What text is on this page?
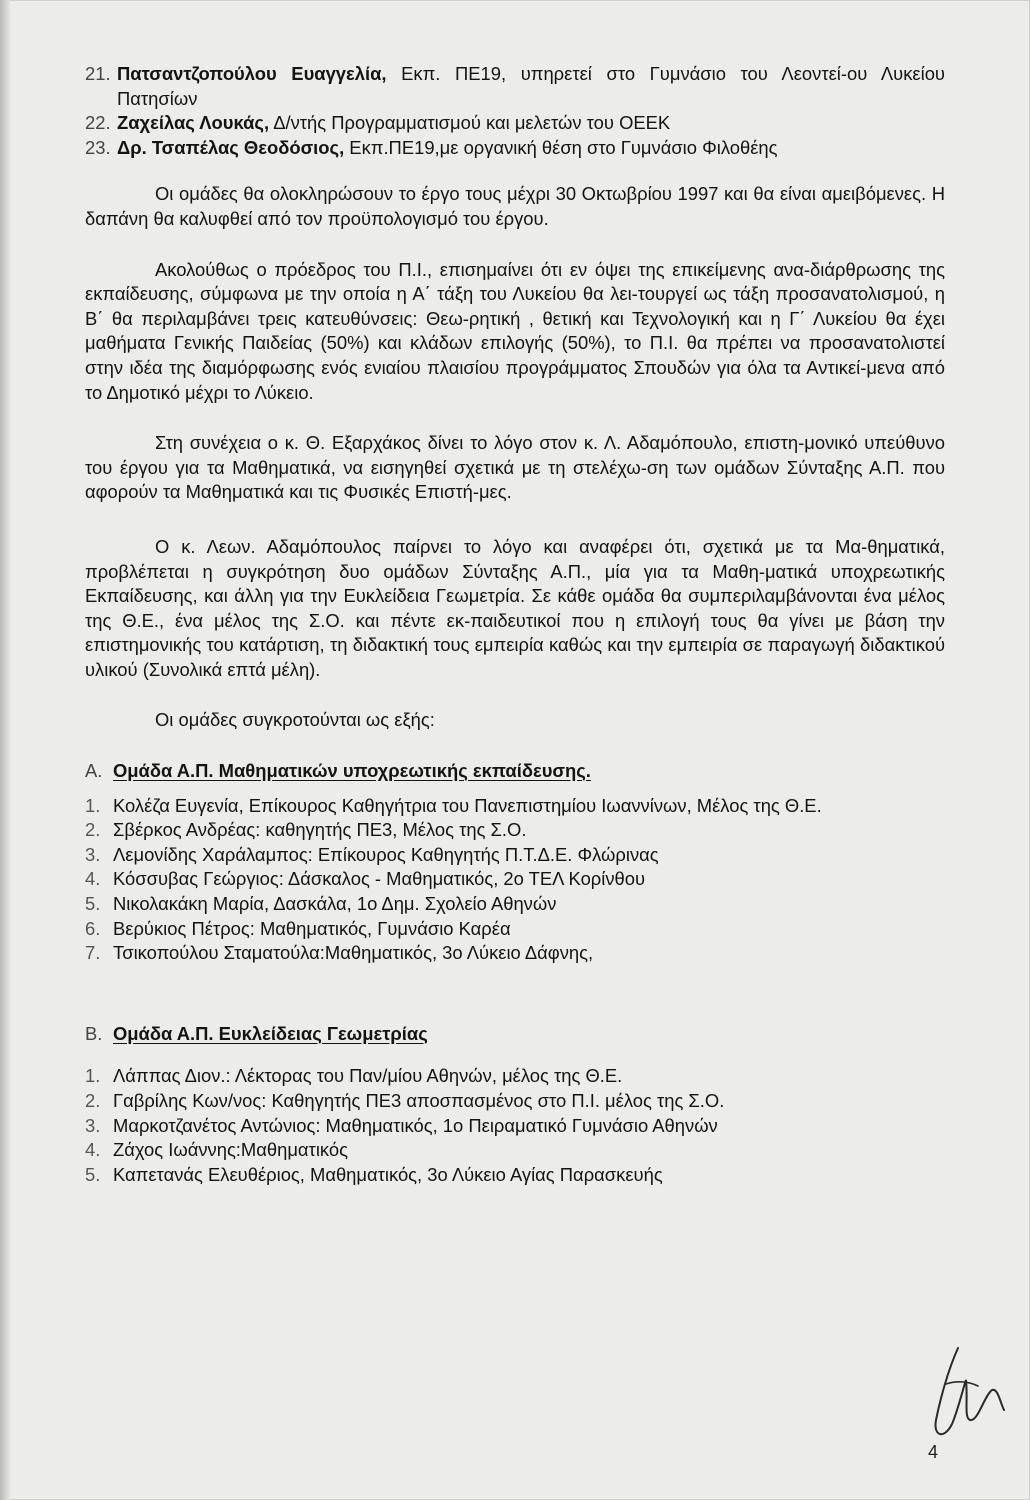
21. Πατσαντζοπούλου Ευαγγελία, Εκπ. ΠΕ19, υπηρετεί στο Γυμνάσιο του Λεοντεί-ου Λυκείου Πατησίων
22. Ζαχείλας Λουκάς, Δ/ντής Προγραμματισμού και μελετών του ΟΕΕΚ
23. Δρ. Τσαπέλας Θεοδόσιος, Εκπ.ΠΕ19,με οργανική θέση στο Γυμνάσιο Φιλοθέης

Οι ομάδες θα ολοκληρώσουν το έργο τους μέχρι 30 Οκτωβρίου 1997 και θα είναι αμειβόμενες. Η δαπάνη θα καλυφθεί από τον προϋπολογισμό του έργου.

Ακολούθως ο πρόεδρος του Π.Ι., επισημαίνει ότι εν όψει της επικείμενης ανα-διάρθρωσης της εκπαίδευσης, σύμφωνα με την οποία η Α΄ τάξη του Λυκείου θα λει-τουργεί ως τάξη προσανατολισμού, η Β΄ θα περιλαμβάνει τρεις κατευθύνσεις: Θεω-ρητική , θετική και Τεχνολογική και η Γ΄ Λυκείου θα έχει μαθήματα Γενικής Παιδείας (50%) και κλάδων επιλογής (50%), το Π.Ι. θα πρέπει να προσανατολιστεί στην ιδέα της διαμόρφωσης ενός ενιαίου πλαισίου προγράμματος Σπουδών για όλα τα Αντικεί-μενα από το Δημοτικό μέχρι το Λύκειο.

Στη συνέχεια ο κ. Θ. Εξαρχάκος δίνει το λόγο στον κ. Λ. Αδαμόπουλο, επιστη-μονικό υπεύθυνο του έργου για τα Μαθηματικά, να εισηγηθεί σχετικά με τη στελέχω-ση των ομάδων Σύνταξης Α.Π. που αφορούν τα Μαθηματικά και τις Φυσικές Επιστή-μες.

Ο κ. Λεων. Αδαμόπουλος παίρνει το λόγο και αναφέρει ότι, σχετικά με τα Μα-θηματικά, προβλέπεται η συγκρότηση δυο ομάδων Σύνταξης Α.Π., μία για τα Μαθη-ματικά υποχρεωτικής Εκπαίδευσης, και άλλη για την Ευκλείδεια Γεωμετρία. Σε κάθε ομάδα θα συμπεριλαμβάνονται ένα μέλος της Θ.Ε., ένα μέλος της Σ.Ο. και πέντε εκ-παιδευτικοί που η επιλογή τους θα γίνει με βάση την επιστημονικής του κατάρτιση, τη διδακτική τους εμπειρία καθώς και την εμπειρία σε παραγωγή διδακτικού υλικού (Συνολικά επτά μέλη).

Οι ομάδες συγκροτούνται ως εξής:

Α. Ομάδα Α.Π. Μαθηματικών υποχρεωτικής εκπαίδευσης.
1. Κολέζα Ευγενία, Επίκουρος Καθηγήτρια του Πανεπιστημίου Ιωαννίνων, Μέλος της Θ.Ε.
2. Σβέρκος Ανδρέας: καθηγητής ΠΕ3, Μέλος της Σ.Ο.
3. Λεμονίδης Χαράλαμπος: Επίκουρος Καθηγητής Π.Τ.Δ.Ε. Φλώρινας
4. Κόσσυβας Γεώργιος: Δάσκαλος - Μαθηματικός, 2ο ΤΕΛ Κορίνθου
5. Νικολακάκη Μαρία, Δασκάλα, 1ο Δημ. Σχολείο Αθηνών
6. Βερύκιος Πέτρος: Μαθηματικός, Γυμνάσιο Καρέα
7. Τσικοπούλου Σταματούλα:Μαθηματικός, 3ο Λύκειο Δάφνης,
Β. Ομάδα Α.Π. Ευκλείδειας Γεωμετρίας
1. Λάππας Διον.: Λέκτορας του Παν/μίου Αθηνών, μέλος της Θ.Ε.
2. Γαβρίλης Κων/νος: Καθηγητής ΠΕ3 αποσπασμένος στο Π.Ι. μέλος της Σ.Ο.
3. Μαρκοτζανέτος Αντώνιος: Μαθηματικός, 1ο Πειραματικό Γυμνάσιο Αθηνών
4. Ζάχος Ιωάννης:Μαθηματικός
5. Καπετανάς Ελευθέριος, Μαθηματικός, 3ο Λύκειο Αγίας Παρασκευής
4
